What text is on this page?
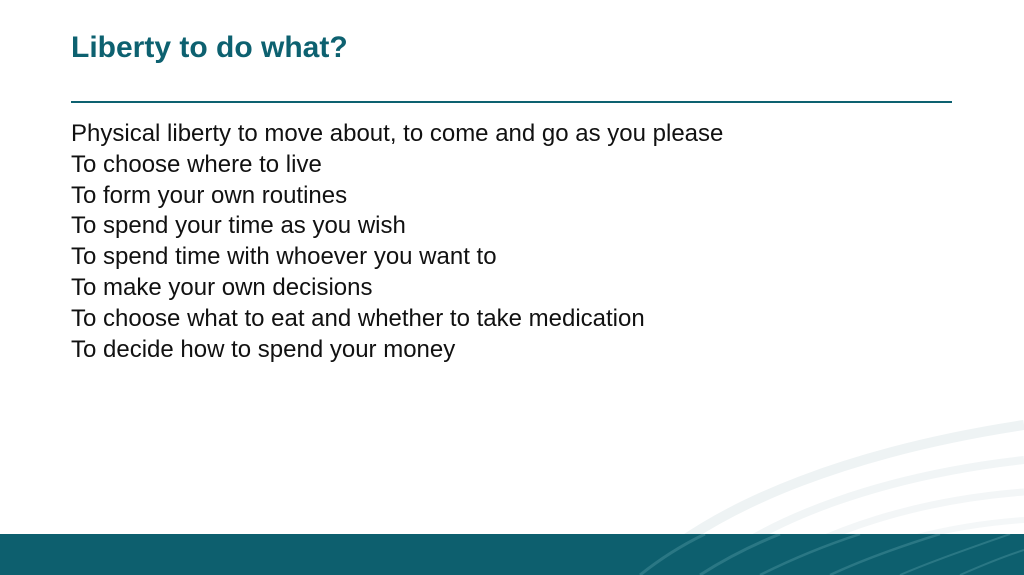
Liberty to do what?
Physical liberty to move about, to come and go as you please
To choose where to live
To form your own routines
To spend your time as you wish
To spend time with whoever you want to
To make your own decisions
To choose what to eat and whether to take medication
To decide how to spend your money
